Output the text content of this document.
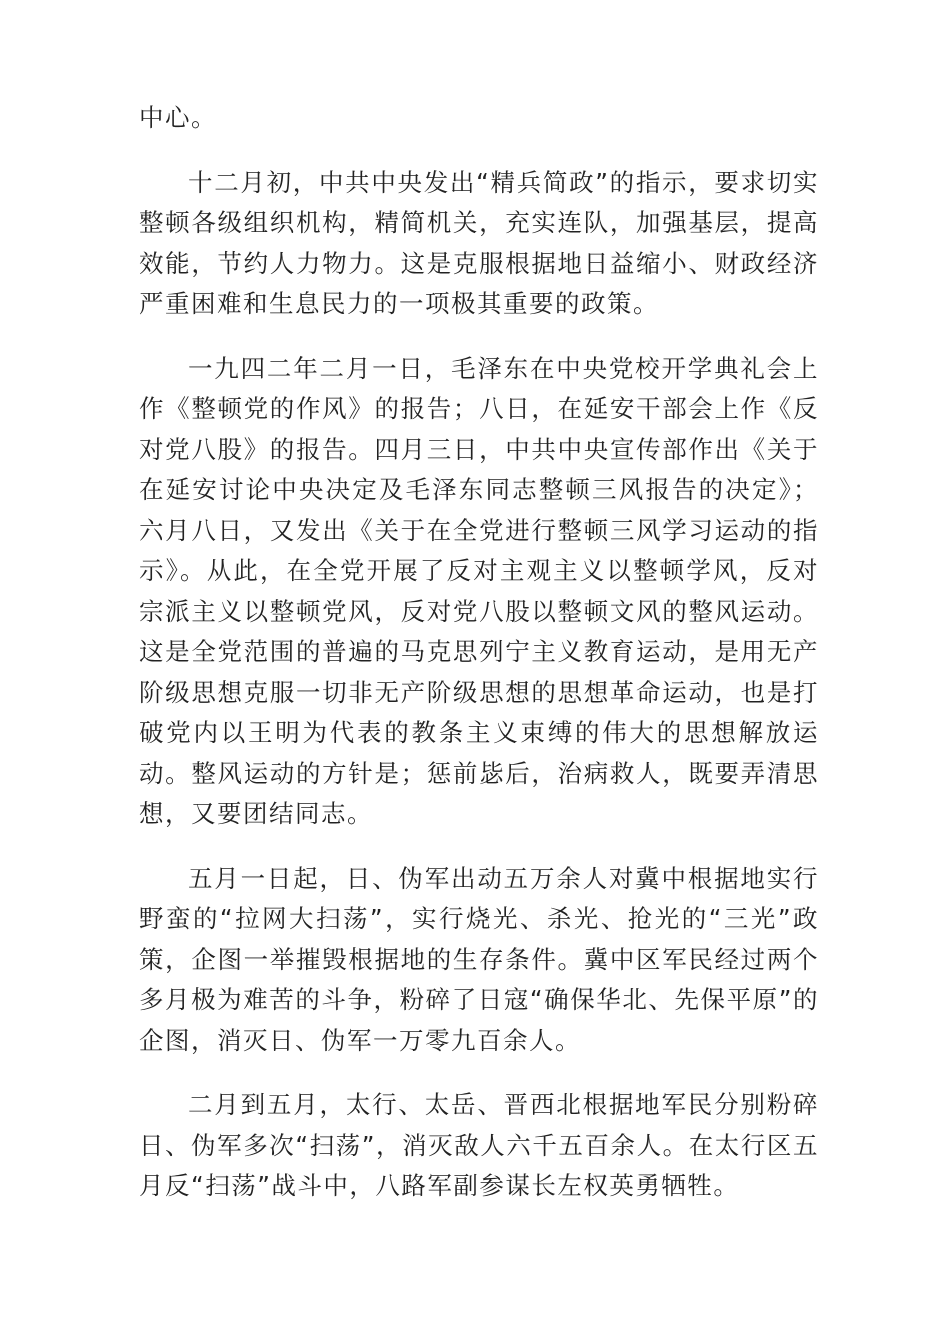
中心。

十二月初，中共中央发出“精兵简政”的指示，要求切实整顿各级组织机构，精简机关，充实连队，加强基层，提高效能，节约人力物力。这是克服根据地日益缩小、财政经济严重困难和生息民力的一项极其重要的政策。

一九四二年二月一日，毛泽东在中央党校开学典礼会上作《整顿党的作风》的报告；八日，在延安干部会上作《反对党八股》的报告。四月三日，中共中央宣传部作出《关于在延安讨论中央决定及毛泽东同志整顿三风报告的决定》；六月八日，又发出《关于在全党进行整顿三风学习运动的指示》。从此，在全党开展了反对主观主义以整顿学风，反对宗派主义以整顿党风，反对党八股以整顿文风的整风运动。这是全党范围的普遍的马克思列宁主义教育运动，是用无产阶级思想克服一切非无产阶级思想的思想革命运动，也是打破党内以王明为代表的教条主义束缚的伟大的思想解放运动。整风运动的方针是；惩前毖后，治病救人，既要弄清思想，又要团结同志。

五月一日起，日、伪军出动五万余人对冀中根据地实行野蛮的“拉网大扫荡”，实行烧光、杀光、抢光的“三光”政策，企图一举摧毁根据地的生存条件。冀中区军民经过两个多月极为难苦的斗争，粉碎了日寇“确保华北、先保平原”的企图，消灭日、伪军一万零九百余人。

二月到五月，太行、太岳、晋西北根据地军民分别粉碎日、伪军多次“扫荡”，消灭敌人六千五百余人。在太行区五月反“扫荡”战斗中，八路军副参谋长左权英勇牺牲。
